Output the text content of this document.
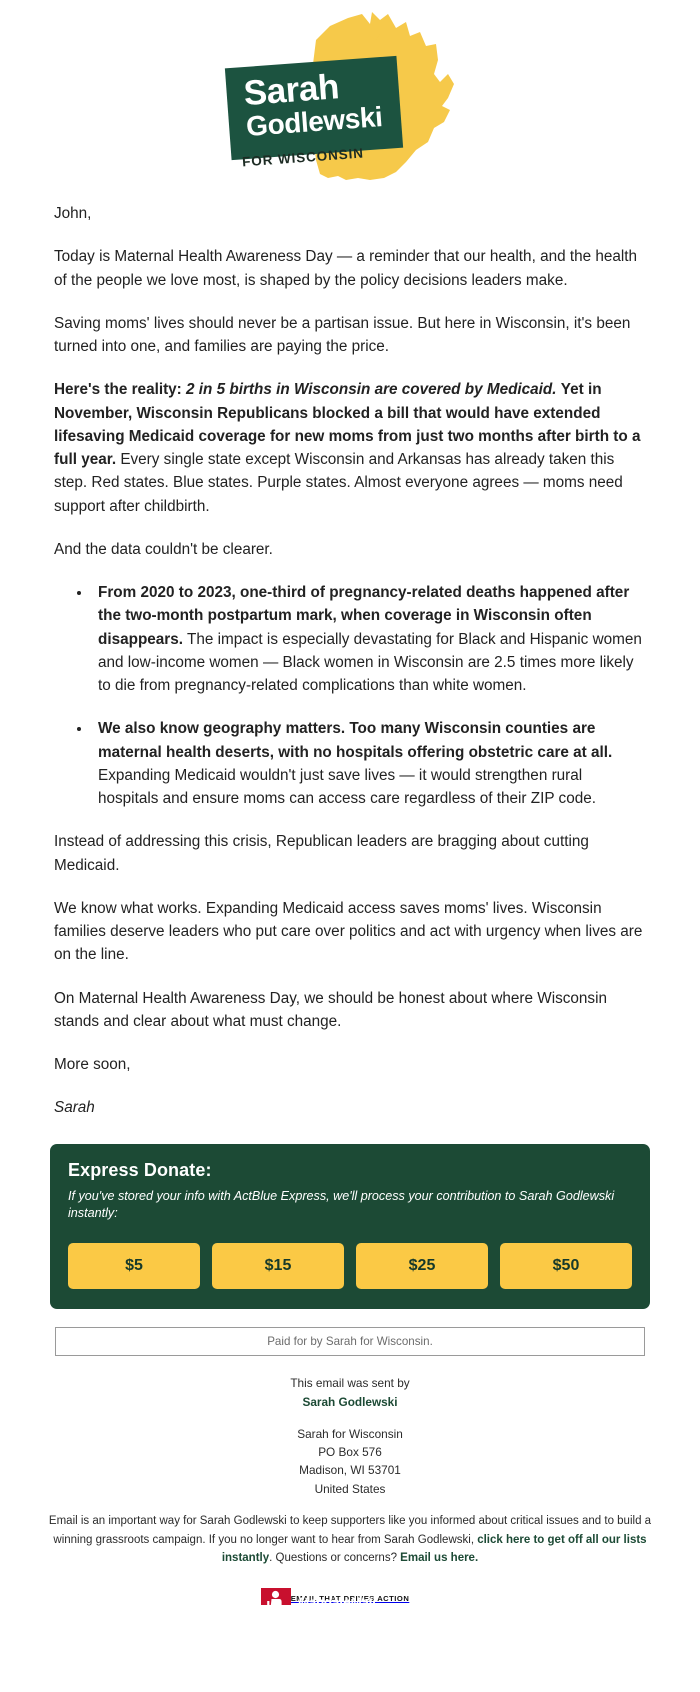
Sarah
Godlewski
FOR WISCONSIN

John,

Today is Maternal Health Awareness Day — a reminder that our health, and the health of the people we love most, is shaped by the policy decisions leaders make.

Saving moms' lives should never be a partisan issue. But here in Wisconsin, it's been turned into one, and families are paying the price.

Here's the reality: 2 in 5 births in Wisconsin are covered by Medicaid. Yet in November, Wisconsin Republicans blocked a bill that would have extended lifesaving Medicaid coverage for new moms from just two months after birth to a full year. Every single state except Wisconsin and Arkansas has already taken this step. Red states. Blue states. Purple states. Almost everyone agrees — moms need support after childbirth.

And the data couldn't be clearer.

• From 2020 to 2023, one-third of pregnancy-related deaths happened after the two-month postpartum mark, when coverage in Wisconsin often disappears. The impact is especially devastating for Black and Hispanic women and low-income women — Black women in Wisconsin are 2.5 times more likely to die from pregnancy-related complications than white women.
• We also know geography matters. Too many Wisconsin counties are maternal health deserts, with no hospitals offering obstetric care at all. Expanding Medicaid wouldn't just save lives — it would strengthen rural hospitals and ensure moms can access care regardless of their ZIP code.

Instead of addressing this crisis, Republican leaders are bragging about cutting Medicaid.

We know what works. Expanding Medicaid access saves moms' lives. Wisconsin families deserve leaders who put care over politics and act with urgency when lives are on the line.

On Maternal Health Awareness Day, we should be honest about where Wisconsin stands and clear about what must change.

More soon,

Sarah

Express Donate:
If you've stored your info with ActBlue Express, we'll process your contribution to Sarah Godlewski instantly:
$5	$15	$25	$50
Paid for by Sarah for Wisconsin.
This email was sent by
Sarah Godlewski
Sarah for Wisconsin
PO Box 576
Madison, WI 53701
United States

Email is an important way for Sarah Godlewski to keep supporters like you informed about critical issues and to build a winning grassroots campaign. If you no longer want to hear from Sarah Godlewski, click here to get off all our lists instantly. Questions or concerns? Email us here.

EMAIL THAT DRIVES ACTION
